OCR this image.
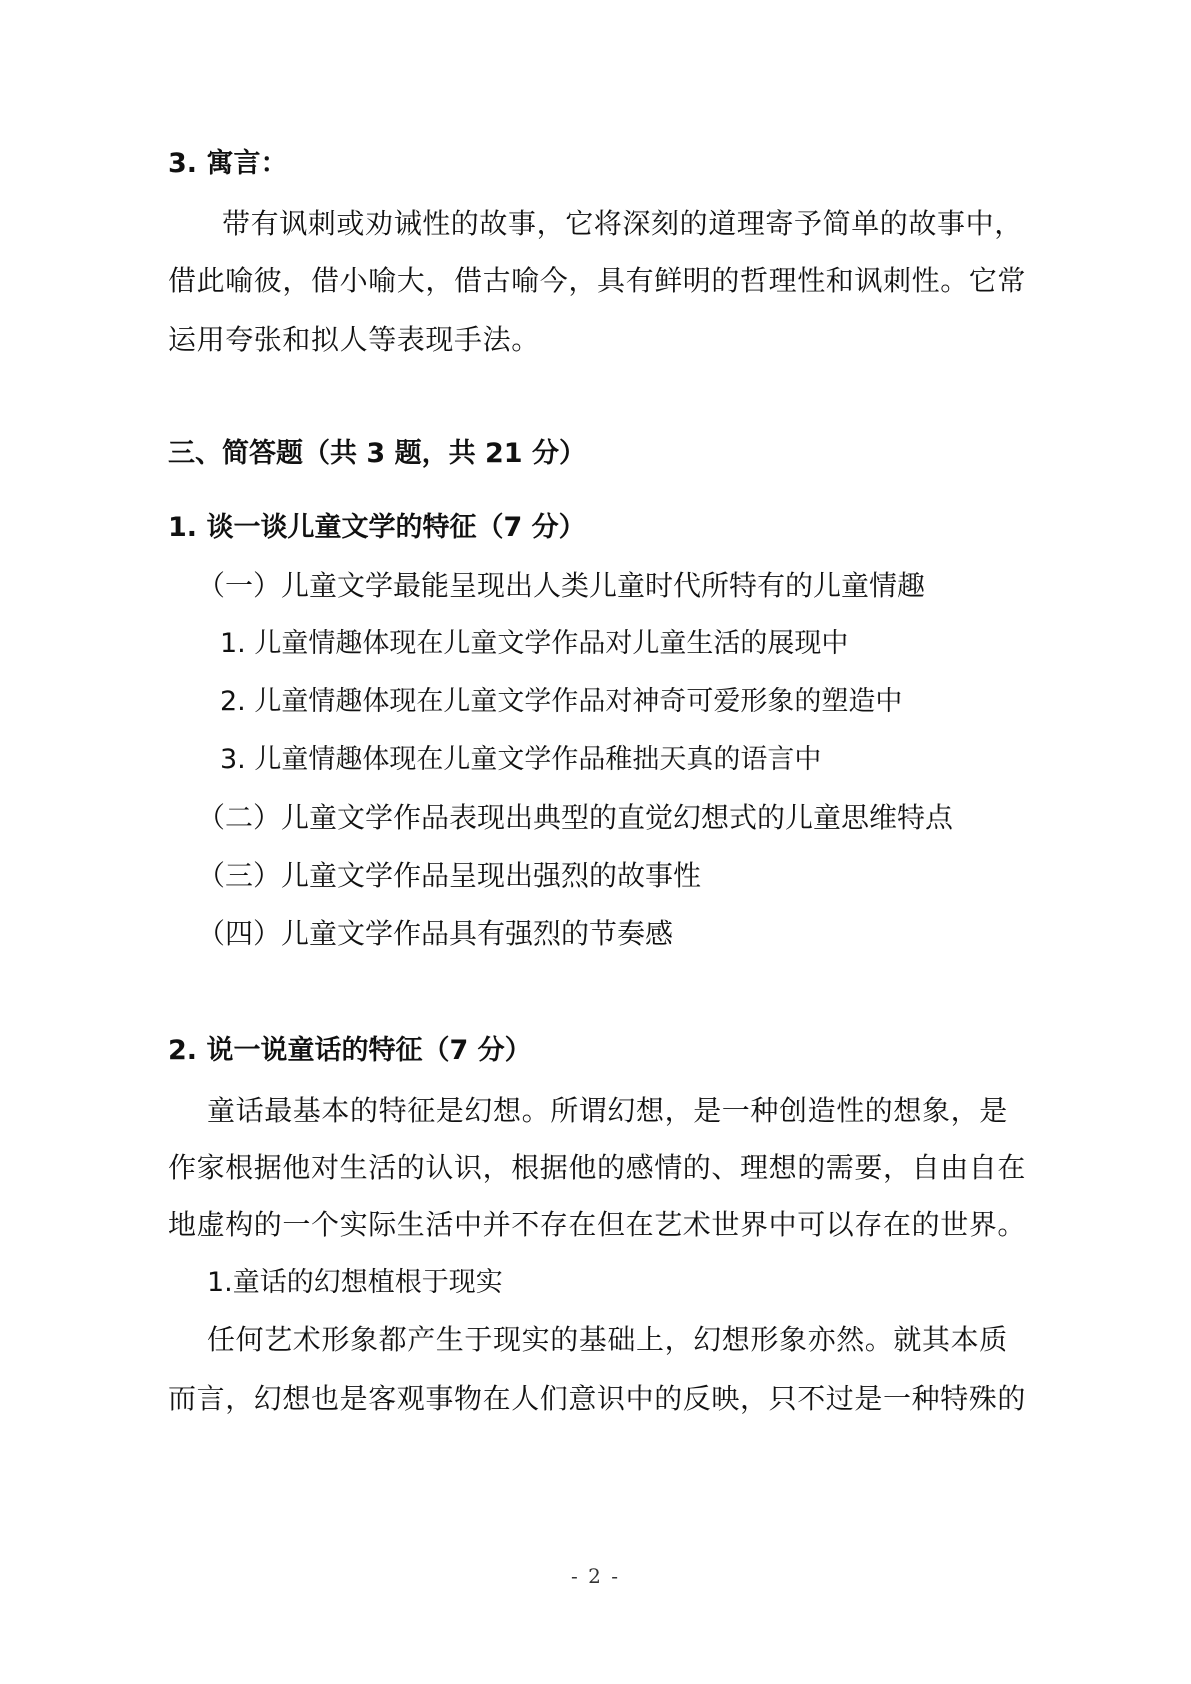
3. 寓言：
带有讽刺或劝诫性的故事，它将深刻的道理寄予简单的故事中，
借此喻彼，借小喻大，借古喻今，具有鲜明的哲理性和讽刺性。它常
运用夸张和拟人等表现手法。
三、简答题（共 3 题，共 21 分）
1. 谈一谈儿童文学的特征（7 分）
（一）儿童文学最能呈现出人类儿童时代所特有的儿童情趣
1. 儿童情趣体现在儿童文学作品对儿童生活的展现中
2. 儿童情趣体现在儿童文学作品对神奇可爱形象的塑造中
3. 儿童情趣体现在儿童文学作品稚拙天真的语言中
（二）儿童文学作品表现出典型的直觉幻想式的儿童思维特点
（三）儿童文学作品呈现出强烈的故事性
（四）儿童文学作品具有强烈的节奏感
2. 说一说童话的特征（7 分）
童话最基本的特征是幻想。所谓幻想，是一种创造性的想象，是
作家根据他对生活的认识，根据他的感情的、理想的需要，自由自在
地虚构的一个实际生活中并不存在但在艺术世界中可以存在的世界。
1.童话的幻想植根于现实
任何艺术形象都产生于现实的基础上，幻想形象亦然。就其本质
而言，幻想也是客观事物在人们意识中的反映，只不过是一种特殊的
- 2 -
